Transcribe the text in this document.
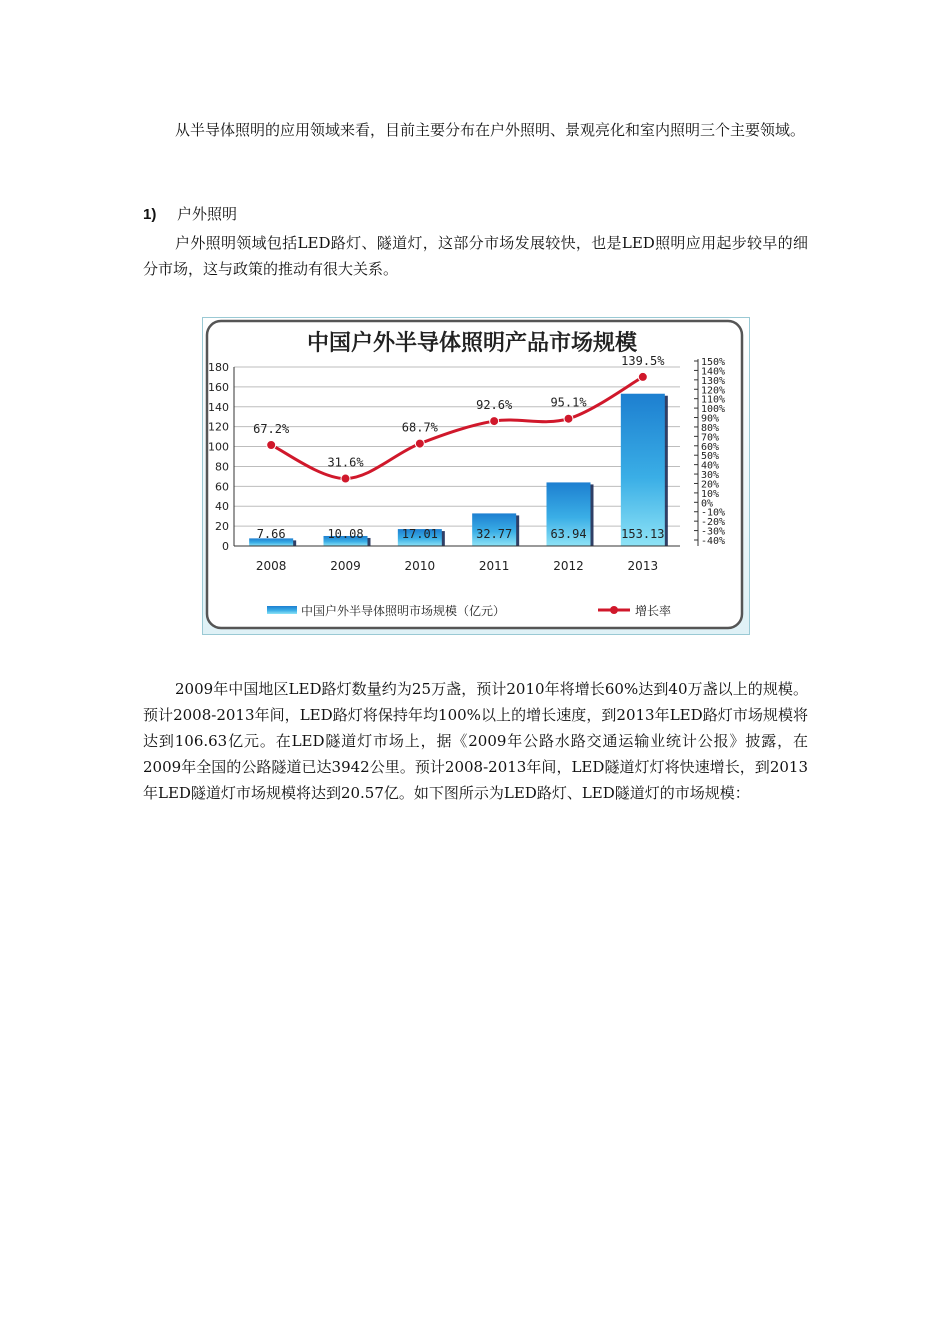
从半导体照明的应用领域来看，目前主要分布在户外照明、景观亮化和室内照明三个主要领域。

1) 户外照明

户外照明领域包括LED路灯、隧道灯，这部分市场发展较快，也是LED照明应用起步较早的细分市场，这与政策的推动有很大关系。

中国户外半导体照明产品市场规模
180
160
140
120
100
80
60
40
20
0
150%
140%
130%
120%
110%
100%
90%
80%
70%
60%
50%
40%
30%
20%
10%
0%
-10%
-20%
-30%
-40%
7.66	10.08	17.01	32.77	63.94	153.13
67.2%
31.6%
68.7%
92.6%	95.1%
139.5%
2008	2009	2010	2011	2012	2013
中国户外半导体照明市场规模（亿元）	增长率

2009年中国地区LED路灯数量约为25万盏，预计2010年将增长60%达到40万盏以上的规模。预计2008-2013年间，LED路灯将保持年均100%以上的增长速度，到2013年LED路灯市场规模将达到106.63亿元。在LED隧道灯市场上，据《2009年公路水路交通运输业统计公报》披露，在2009年全国的公路隧道已达3942公里。预计2008-2013年间，LED隧道灯灯将快速增长，到2013年LED隧道灯市场规模将达到20.57亿。如下图所示为LED路灯、LED隧道灯的市场规模：
